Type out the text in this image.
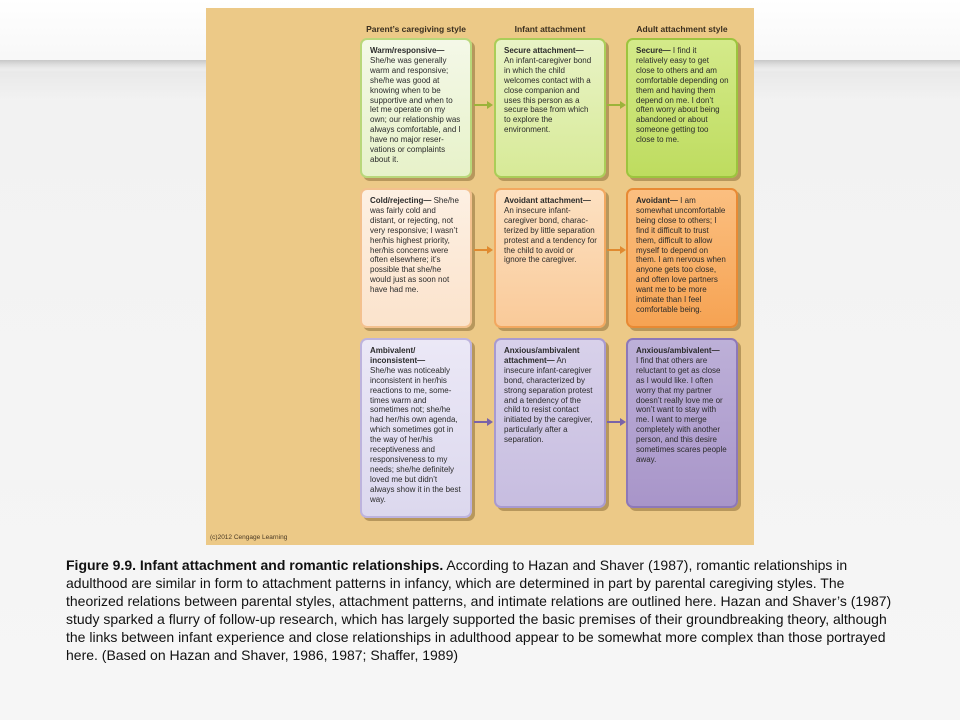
Parent’s caregiving style	Infant attachment	Adult attachment style
Warm/responsive—
She/he was generally warm and responsive; she/he was good at knowing when to be supportive and when to let me operate on my own; our relationship was always comfortable, and I have no major reser- vations or complaints about it.
Secure attachment—
An infant-caregiver bond in which the child welcomes contact with a close companion and uses this person as a secure base from which to explore the environment.
Secure— I find it relatively easy to get close to others and am comfortable depending on them and having them depend on me. I don’t often worry about being abandoned or about someone getting too close to me.
Cold/rejecting— She/he was fairly cold and distant, or rejecting, not very responsive; I wasn’t her/his highest priority, her/his concerns were often elsewhere; it’s possible that she/he would just as soon not have had me.
Avoidant attachment—
An insecure infant- caregiver bond, charac- terized by little separation protest and a tendency for the child to avoid or ignore the caregiver.
Avoidant— I am somewhat uncomfortable being close to others; I find it difficult to trust them, difficult to allow myself to depend on them. I am nervous when anyone gets too close, and often love partners want me to be more intimate than I feel comfortable being.
Ambivalent/ inconsistent—
She/he was noticeably inconsistent in her/his reactions to me, some- times warm and sometimes not; she/he had her/his own agenda, which sometimes got in the way of her/his receptiveness and responsiveness to my needs; she/he definitely loved me but didn’t always show it in the best way.
Anxious/ambivalent attachment— An insecure infant-caregiver bond, characterized by strong separation protest and a tendency of the child to resist contact initiated by the caregiver, particularly after a separation.
Anxious/ambivalent—
I find that others are reluctant to get as close as I would like. I often worry that my partner doesn’t really love me or won’t want to stay with me. I want to merge completely with another person, and this desire sometimes scares people away.
(c)2012 Cengage Learning
Figure 9.9. Infant attachment and romantic relationships. According to Hazan and Shaver (1987), romantic relationships in adulthood are similar in form to attachment patterns in infancy, which are determined in part by parental caregiving styles. The theorized relations between parental styles, attachment patterns, and intimate relations are outlined here. Hazan and Shaver’s (1987) study sparked a flurry of follow-up research, which has largely supported the basic premises of their groundbreaking theory, although the links between infant experience and close relationships in adulthood appear to be somewhat more complex than those portrayed here. (Based on Hazan and Shaver, 1986, 1987; Shaffer, 1989)
